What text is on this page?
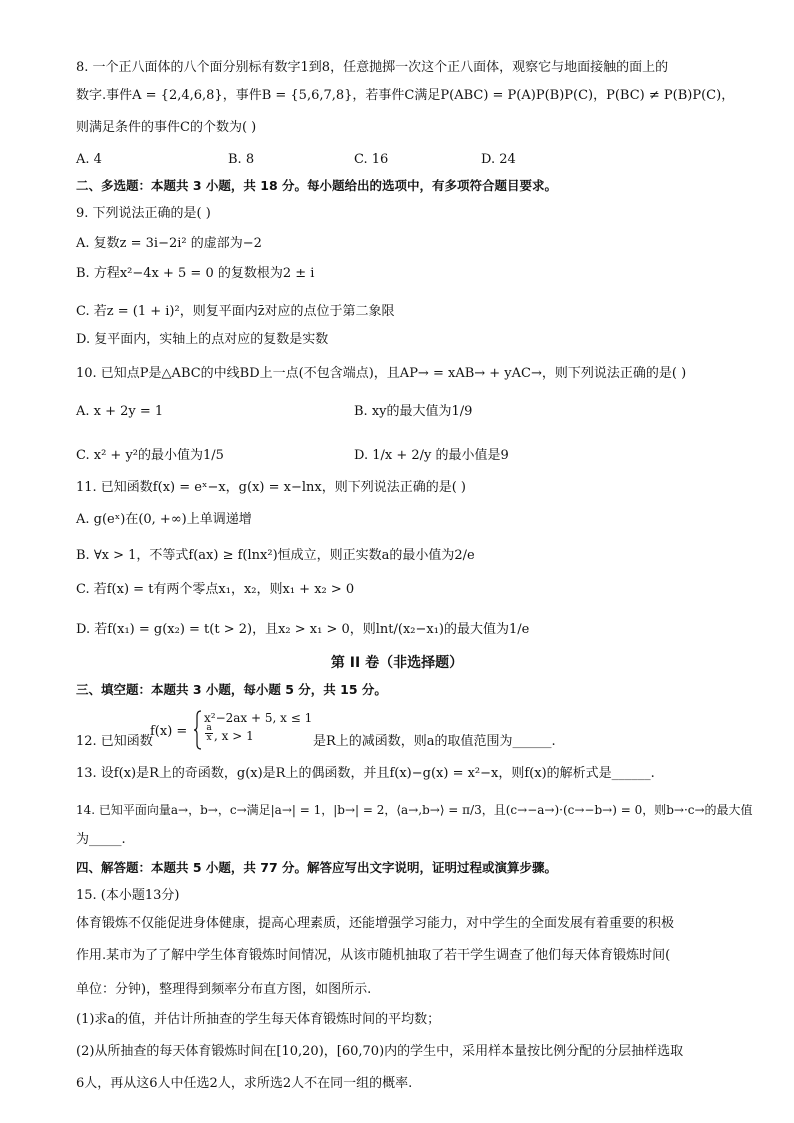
8. 一个正八面体的八个面分别标有数字1到8，任意抛掷一次这个正八面体，观察它与地面接触的面上的
数字.事件A = {2,4,6,8}，事件B = {5,6,7,8}，若事件C满足P(ABC) = P(A)P(B)P(C)，P(BC) ≠ P(B)P(C)，
则满足条件的事件C的个数为( )
A. 4	B. 8	C. 16	D. 24
二、多选题：本题共 3 小题，共 18 分。每小题给出的选项中，有多项符合题目要求。
9. 下列说法正确的是( )
A. 复数z = 3i−2i² 的虚部为−2
B. 方程x²−4x + 5 = 0 的复数根为2 ± i
C. 若z = (1 + i)²，则复平面内z̄对应的点位于第二象限
D. 复平面内，实轴上的点对应的复数是实数
10. 已知点P是△ABC的中线BD上一点(不包含端点)，且AP→ = xAB→ + yAC→，则下列说法正确的是( )
A. x + 2y = 1	B. xy的最大值为1/9
C. x² + y²的最小值为1/5	D. 1/x + 2/y 的最小值是9
11. 已知函数f(x) = eˣ−x，g(x) = x−lnx，则下列说法正确的是( )
A. g(eˣ)在(0, +∞)上单调递增
B. ∀x > 1，不等式f(ax) ≥ f(lnx²)恒成立，则正实数a的最小值为2/e
C. 若f(x) = t有两个零点x₁，x₂，则x₁ + x₂ > 0
D. 若f(x₁) = g(x₂) = t(t > 2)，且x₂ > x₁ > 0，则lnt/(x₂−x₁)的最大值为1/e
第 II 卷（非选择题）
三、填空题：本题共 3 小题，每小题 5 分，共 15 分。
12. 已知函数
f(x) =
x²−2ax + 5, x ≤ 1
$\frac{a}{x}$ , x > 1	是R上的减函数，则a的取值范围为______.
13. 设f(x)是R上的奇函数，g(x)是R上的偶函数，并且f(x)−g(x) = x²−x，则f(x)的解析式是______.
14. 已知平面向量a→，b→，c→满足|a→| = 1，|b→| = 2，⟨a→,b→⟩ = π/3，且(c→−a→)·(c→−b→) = 0，则b→·c→的最大值
为_____.
四、解答题：本题共 5 小题，共 77 分。解答应写出文字说明，证明过程或演算步骤。
15. (本小题13分)
体育锻炼不仅能促进身体健康，提高心理素质，还能增强学习能力，对中学生的全面发展有着重要的积极
作用.某市为了了解中学生体育锻炼时间情况，从该市随机抽取了若干学生调查了他们每天体育锻炼时间(
单位：分钟)，整理得到频率分布直方图，如图所示.
(1)求a的值，并估计所抽查的学生每天体育锻炼时间的平均数；
(2)从所抽查的每天体育锻炼时间在[10,20)，[60,70)内的学生中，采用样本量按比例分配的分层抽样选取
6人，再从这6人中任选2人，求所选2人不在同一组的概率.
